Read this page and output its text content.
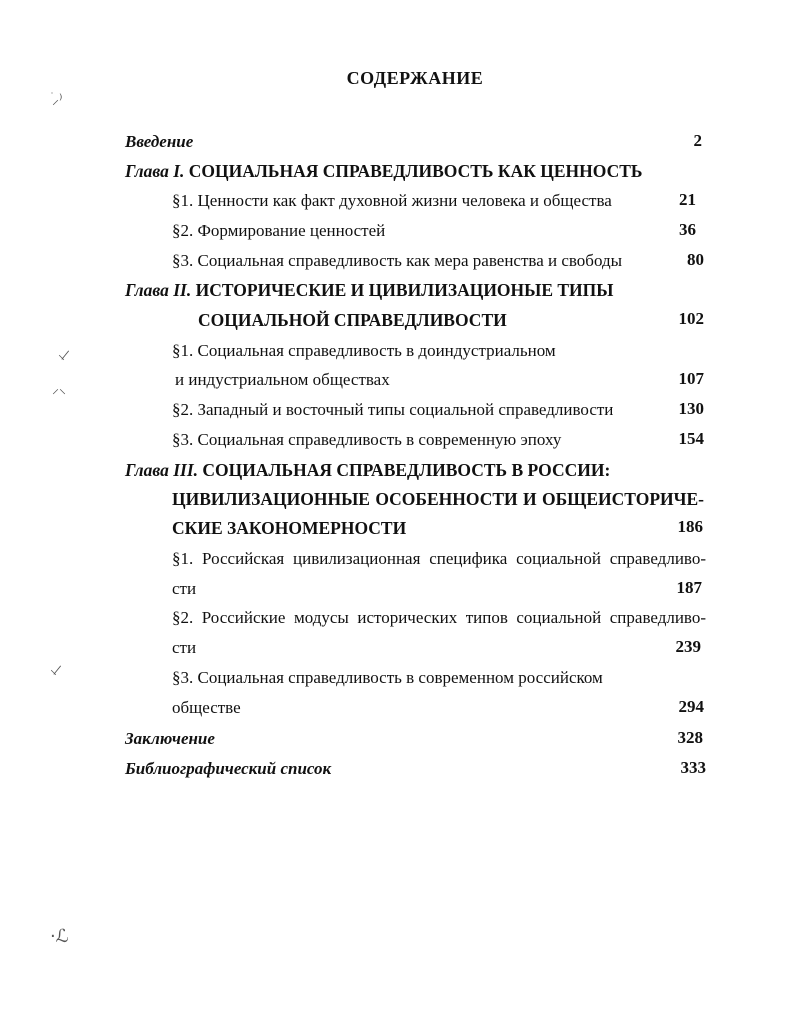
ׄ⸝⁾
⸜ ̷
⸍⸌
⸜ ̷
·ℒ
СОДЕРЖАНИЕ
Введение	2
Глава I. СОЦИАЛЬНАЯ СПРАВЕДЛИВОСТЬ КАК ЦЕННОСТЬ
§1. Ценности как факт духовной жизни человека и общества	21
§2. Формирование ценностей	36
§3. Социальная справедливость как мера равенства и свободы	80
Глава II. ИСТОРИЧЕСКИЕ И ЦИВИЛИЗАЦИОНЫЕ ТИПЫ
СОЦИАЛЬНОЙ СПРАВЕДЛИВОСТИ	102
§1. Социальная справедливость в доиндустриальном
и индустриальном обществах	107
§2. Западный и восточный типы социальной справедливости	130
§3. Социальная справедливость в современную эпоху	154
Глава III. СОЦИАЛЬНАЯ СПРАВЕДЛИВОСТЬ В РОССИИ:
ЦИВИЛИЗАЦИОННЫЕ ОСОБЕННОСТИ И ОБЩЕИСТОРИЧЕ-
СКИЕ ЗАКОНОМЕРНОСТИ	186
§1. Российская цивилизационная специфика социальной справедливо-
сти	187
§2. Российские модусы исторических типов социальной справедливо-
сти	239
§3. Социальная справедливость в современном российском
обществе	294
Заключение	328
Библиографический список	333
